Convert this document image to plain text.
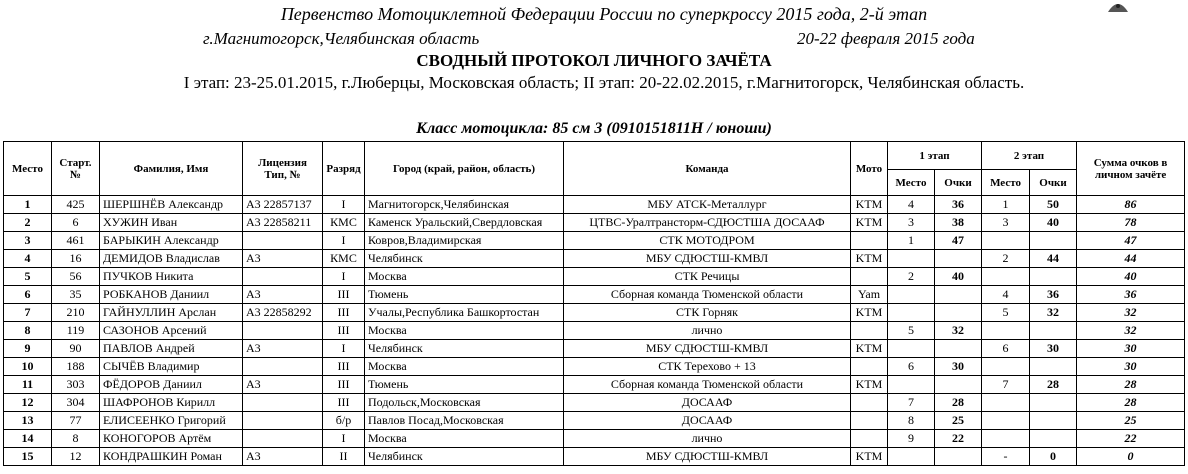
Первенство Мотоциклетной Федерации России по суперкроссу 2015 года, 2-й этап
г.Магнитогорск,Челябинская область	20-22 февраля 2015 года
СВОДНЫЙ ПРОТОКОЛ ЛИЧНОГО ЗАЧЁТА
I этап: 23-25.01.2015, г.Люберцы, Московская область; II этап: 20-22.02.2015, г.Магнитогорск, Челябинская область.
Класс мотоцикла: 85 см 3 (0910151811Н / юноши)
Место	Старт. №	Фамилия, Имя	Лицензия Тип, №	Разряд	Город (край, район, область)	Команда	Мото	1 этап		2 этап		Сумма очков в личном зачёте
								Место	Очки	Место	Очки	
1	425	ШЕРШНЁВ Александр	А3 22857137	I	Магнитогорск,Челябинская	МБУ АТСК-Металлург	KTM	4	36	1	50	86
2	6	ХУЖИН Иван	А3 22858211	КМС	Каменск Уральский,Свердловская	ЦТВС-Уралтрансторм-СДЮСТША ДОСААФ	KTM	3	38	3	40	78
3	461	БАРЫКИН Александр		I	Ковров,Владимирская	СТК МОТОДРОМ		1	47			47
4	16	ДЕМИДОВ Владислав	А3	КМС	Челябинск	МБУ СДЮСТШ-КМВЛ	KTM			2	44	44
5	56	ПУЧКОВ Никита		I	Москва	СТК Речицы		2	40			40
6	35	РОБКАНОВ Даниил	А3	III	Тюмень	Сборная команда Тюменской области	Yam			4	36	36
7	210	ГАЙНУЛЛИН Арслан	А3 22858292	III	Учалы,Республика Башкортостан	СТК Горняк	KTM			5	32	32
8	119	САЗОНОВ Арсений		III	Москва	лично		5	32			32
9	90	ПАВЛОВ Андрей	А3	I	Челябинск	МБУ СДЮСТШ-КМВЛ	KTM			6	30	30
10	188	СЫЧЁВ Владимир		III	Москва	СТК Терехово + 13		6	30			30
11	303	ФЁДОРОВ Даниил	А3	III	Тюмень	Сборная команда Тюменской области	KTM			7	28	28
12	304	ШАФРОНОВ Кирилл		III	Подольск,Московская	ДОСААФ		7	28			28
13	77	ЕЛИСЕЕНКО Григорий		б/р	Павлов Посад,Московская	ДОСААФ		8	25			25
14	8	КОНОГОРОВ Артём		I	Москва	лично		9	22			22
15	12	КОНДРАШКИН Роман	А3	II	Челябинск	МБУ СДЮСТШ-КМВЛ	KTM			-	0	0
